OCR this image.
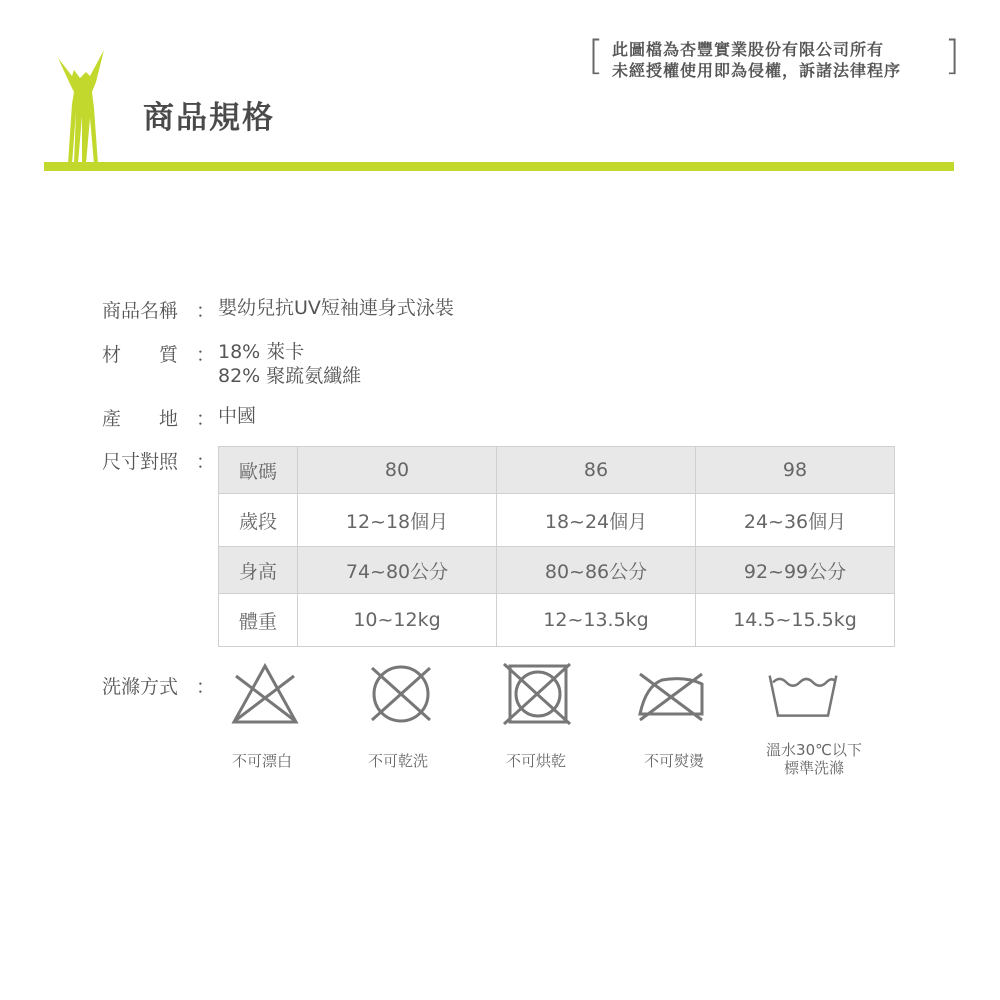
商品規格
[ 此圖檔為杏豐實業股份有限公司所有
未經授權使用即為侵權，訴諸法律程序 ]
商品名稱 ： 嬰幼兒抗UV短袖連身式泳裝
材　　質 ： 18% 萊卡
82% 聚䟽氨纖維
產　　地 ： 中國
尺寸對照 ： 歐碼	80	86	98
歲段	12~18個月	18~24個月	24~36個月
身高	74~80公分	80~86公分	92~99公分
體重	10~12kg	12~13.5kg	14.5~15.5kg
洗滌方式 ：
不可漂白	不可乾洗	不可烘乾	不可熨燙
溫水30℃以下
標準洗滌
